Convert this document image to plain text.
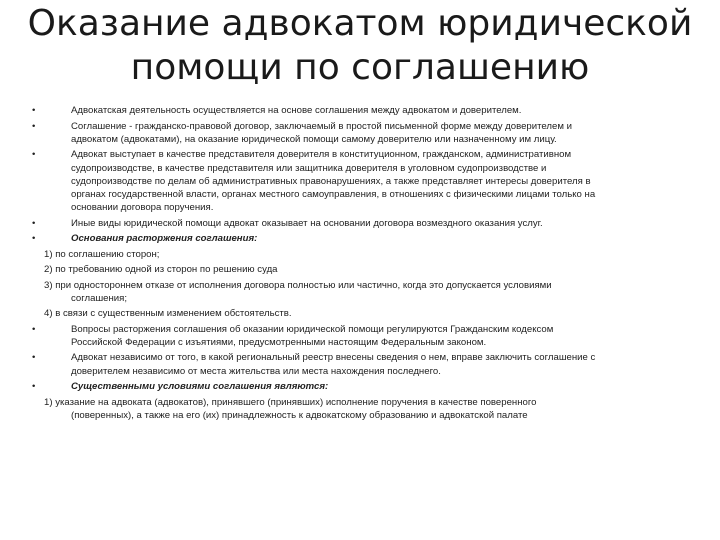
Оказание адвокатом юридической
помощи по соглашению
•	Адвокатская деятельность осуществляется на основе соглашения между адвокатом и доверителем.
•	Соглашение - гражданско-правовой договор, заключаемый в простой письменной форме между доверителем и
адвокатом (адвокатами), на оказание юридической помощи самому доверителю или назначенному им лицу.
•	Адвокат выступает в качестве представителя доверителя в конституционном, гражданском, административном
судопроизводстве, в качестве представителя или защитника доверителя в уголовном судопроизводстве и
судопроизводстве по делам об административных правонарушениях, а также представляет интересы доверителя в
органах государственной власти, органах местного самоуправления, в отношениях с физическими лицами только на
основании договора поручения.
•	Иные виды юридической помощи адвокат оказывает на основании договора возмездного оказания услуг.
•	Основания расторжения соглашения:
1) по соглашению сторон;
2) по требованию одной из сторон по решению суда
3) при одностороннем отказе от исполнения договора полностью или частично, когда это допускается условиями
соглашения;
4) в связи с существенным изменением обстоятельств.
•	Вопросы расторжения соглашения об оказании юридической помощи регулируются Гражданским кодексом
Российской Федерации с изъятиями, предусмотренными настоящим Федеральным законом.
•	Адвокат независимо от того, в какой региональный реестр внесены сведения о нем, вправе заключить соглашение с
доверителем независимо от места жительства или места нахождения последнего.
•	Существенными условиями соглашения являются:
1) указание на адвоката (адвокатов), принявшего (принявших) исполнение поручения в качестве поверенного
(поверенных), а также на его (их) принадлежность к адвокатскому образованию и адвокатской палате
